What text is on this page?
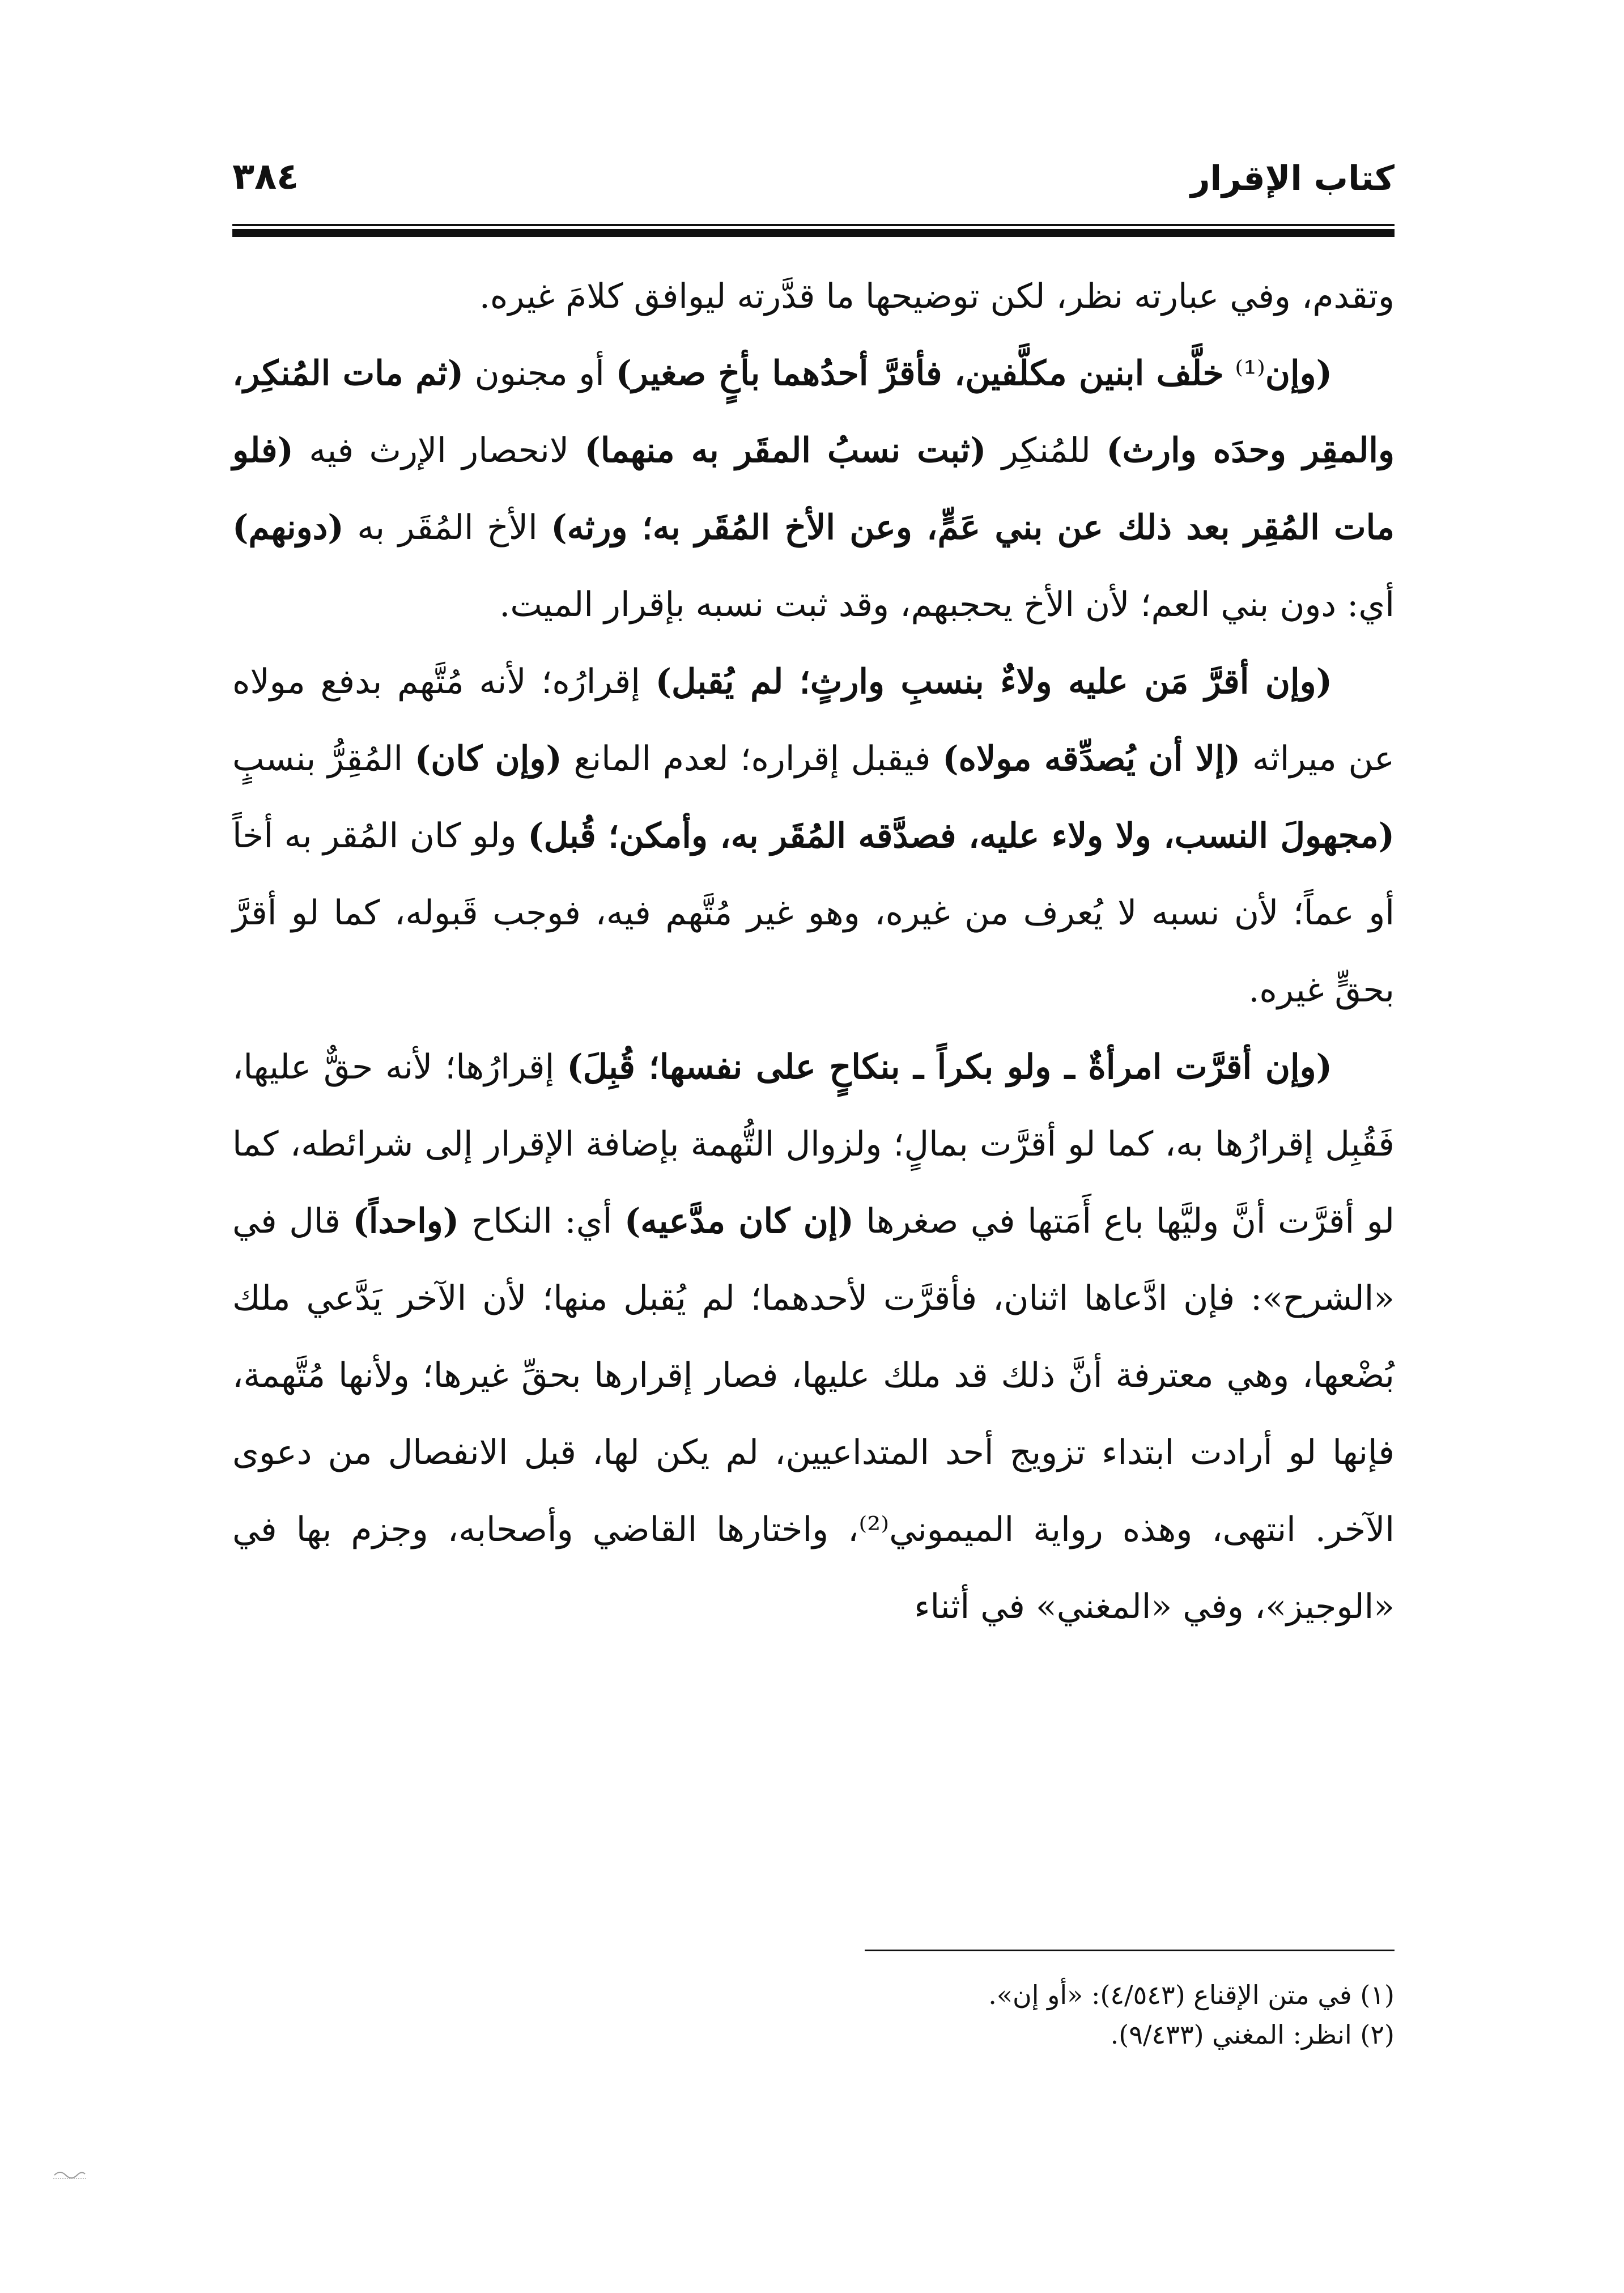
كتاب الإقرار
٣٨٤

وتقدم، وفي عبارته نظر، لكن توضيحها ما قدَّرته ليوافق كلامَ غيره.

(وإن⁽¹⁾ خلَّف ابنين مكلَّفين، فأقرَّ أحدُهما بأخٍ صغير) أو مجنون (ثم مات المُنكِر، والمقِر وحدَه وارث) للمُنكِر (ثبت نسبُ المقَر به منهما) لانحصار الإرث فيه (فلو مات المُقِر بعد ذلك عن بني عَمٍّ، وعن الأخ المُقَر به؛ ورثه) الأخ المُقَر به (دونهم) أي: دون بني العم؛ لأن الأخ يحجبهم، وقد ثبت نسبه بإقرار الميت.

(وإن أقرَّ مَن عليه ولاءٌ بنسبِ وارثٍ؛ لم يُقبل) إقرارُه؛ لأنه مُتَّهم بدفع مولاه عن ميراثه (إلا أن يُصدِّقه مولاه) فيقبل إقراره؛ لعدم المانع (وإن كان) المُقِرُّ بنسبٍ (مجهولَ النسب، ولا ولاء عليه، فصدَّقه المُقَر به، وأمكن؛ قُبل) ولو كان المُقر به أخاً أو عماً؛ لأن نسبه لا يُعرف من غيره، وهو غير مُتَّهم فيه، فوجب قَبوله، كما لو أقرَّ بحقٍّ غيره.

(وإن أقرَّت امرأةٌ ـ ولو بكراً ـ بنكاحٍ على نفسها؛ قُبِلَ) إقرارُها؛ لأنه حقٌّ عليها، فَقُبِل إقرارُها به، كما لو أقرَّت بمالٍ؛ ولزوال التُّهمة بإضافة الإقرار إلى شرائطه، كما لو أقرَّت أنَّ وليَّها باع أَمَتها في صغرها (إن كان مدَّعيه) أي: النكاح (واحداً) قال في «الشرح»: فإن ادَّعاها اثنان، فأقرَّت لأحدهما؛ لم يُقبل منها؛ لأن الآخر يَدَّعي ملك بُضْعها، وهي معترفة أنَّ ذلك قد ملك عليها، فصار إقرارها بحقِّ غيرها؛ ولأنها مُتَّهمة، فإنها لو أرادت ابتداء تزويج أحد المتداعيين، لم يكن لها، قبل الانفصال من دعوى الآخر. انتهى، وهذه رواية الميموني⁽²⁾، واختارها القاضي وأصحابه، وجزم بها في «الوجيز»، وفي «المغني» في أثناء

(١) في متن الإقناع (٤/٥٤٣): «أو إن».
(٢) انظر: المغني (٩/٤٣٣).
